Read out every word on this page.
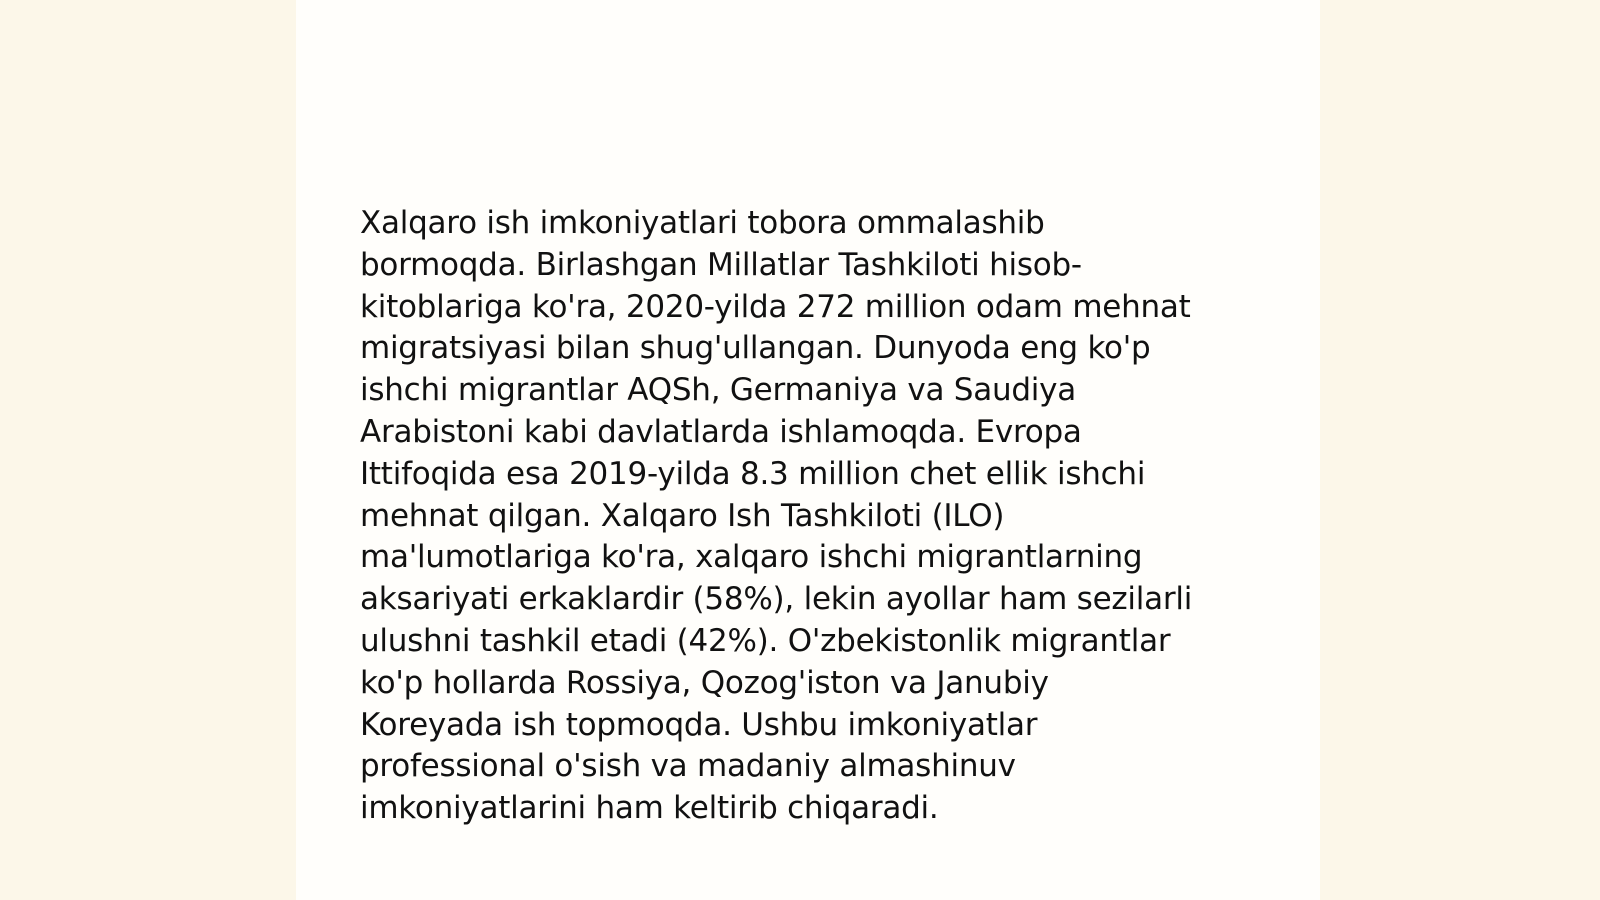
Xalqaro ish imkoniyatlari tobora ommalashib
bormoqda. Birlashgan Millatlar Tashkiloti hisob-
kitoblariga ko'ra, 2020-yilda 272 million odam mehnat
migratsiyasi bilan shug'ullangan. Dunyoda eng ko'p
ishchi migrantlar AQSh, Germaniya va Saudiya
Arabistoni kabi davlatlarda ishlamoqda. Evropa
Ittifoqida esa 2019-yilda 8.3 million chet ellik ishchi
mehnat qilgan. Xalqaro Ish Tashkiloti (ILO)
ma'lumotlariga ko'ra, xalqaro ishchi migrantlarning
aksariyati erkaklardir (58%), lekin ayollar ham sezilarli
ulushni tashkil etadi (42%). O'zbekistonlik migrantlar
ko'p hollarda Rossiya, Qozog'iston va Janubiy
Koreyada ish topmoqda. Ushbu imkoniyatlar
professional o'sish va madaniy almashinuv
imkoniyatlarini ham keltirib chiqaradi.
